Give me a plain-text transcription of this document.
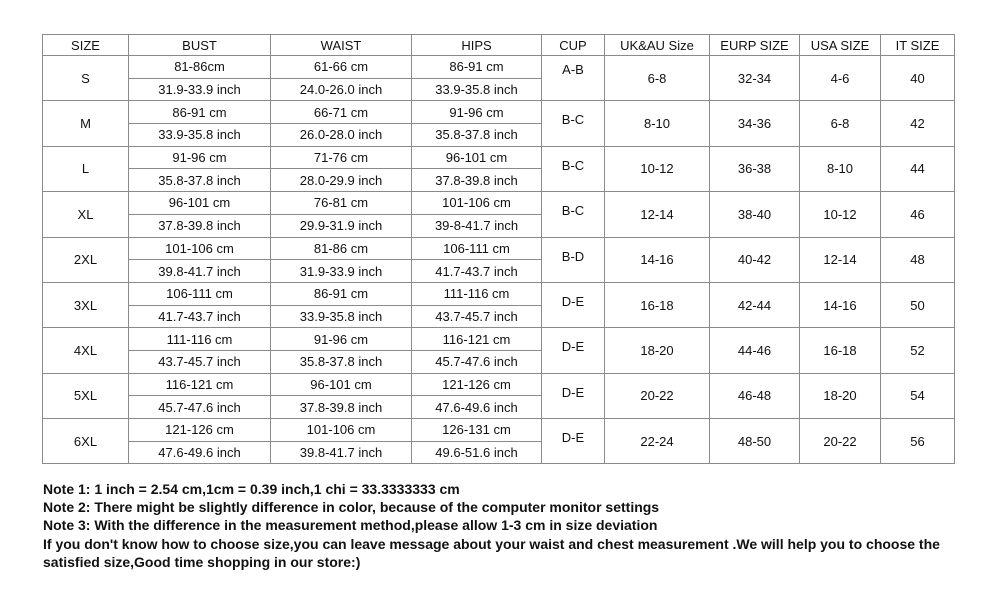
SIZE	BUST	WAIST	HIPS	CUP	UK&AU Size	EURP SIZE	USA SIZE	IT SIZE
S	81-86cm	61-66 cm	86-91 cm	A-B	6-8	32-34	4-6	40
	31.9-33.9 inch	24.0-26.0 inch	33.9-35.8 inch					
M	86-91 cm	66-71 cm	91-96 cm	B-C	8-10	34-36	6-8	42
	33.9-35.8 inch	26.0-28.0 inch	35.8-37.8 inch					
L	91-96 cm	71-76 cm	96-101 cm	B-C	10-12	36-38	8-10	44
	35.8-37.8 inch	28.0-29.9 inch	37.8-39.8 inch					
XL	96-101 cm	76-81 cm	101-106 cm	B-C	12-14	38-40	10-12	46
	37.8-39.8 inch	29.9-31.9 inch	39-8-41.7 inch					
2XL	101-106 cm	81-86 cm	106-111 cm	B-D	14-16	40-42	12-14	48
	39.8-41.7 inch	31.9-33.9 inch	41.7-43.7 inch					
3XL	106-111 cm	86-91 cm	111-116 cm	D-E	16-18	42-44	14-16	50
	41.7-43.7 inch	33.9-35.8 inch	43.7-45.7 inch					
4XL	111-116 cm	91-96 cm	116-121 cm	D-E	18-20	44-46	16-18	52
	43.7-45.7 inch	35.8-37.8 inch	45.7-47.6 inch					
5XL	116-121 cm	96-101 cm	121-126 cm	D-E	20-22	46-48	18-20	54
	45.7-47.6 inch	37.8-39.8 inch	47.6-49.6 inch					
6XL	121-126 cm	101-106 cm	126-131 cm	D-E	22-24	48-50	20-22	56
	47.6-49.6 inch	39.8-41.7 inch	49.6-51.6 inch					

Note 1: 1 inch = 2.54 cm,1cm = 0.39 inch,1 chi = 33.3333333 cm

Note 2: There might be slightly difference in color, because of the computer monitor settings

Note 3: With the difference in the measurement method,please allow 1-3 cm in size deviation

If you don't know how to choose size,you can leave message about your waist and chest measurement .We will help you to choose the satisfied size,Good time shopping in our store:)
